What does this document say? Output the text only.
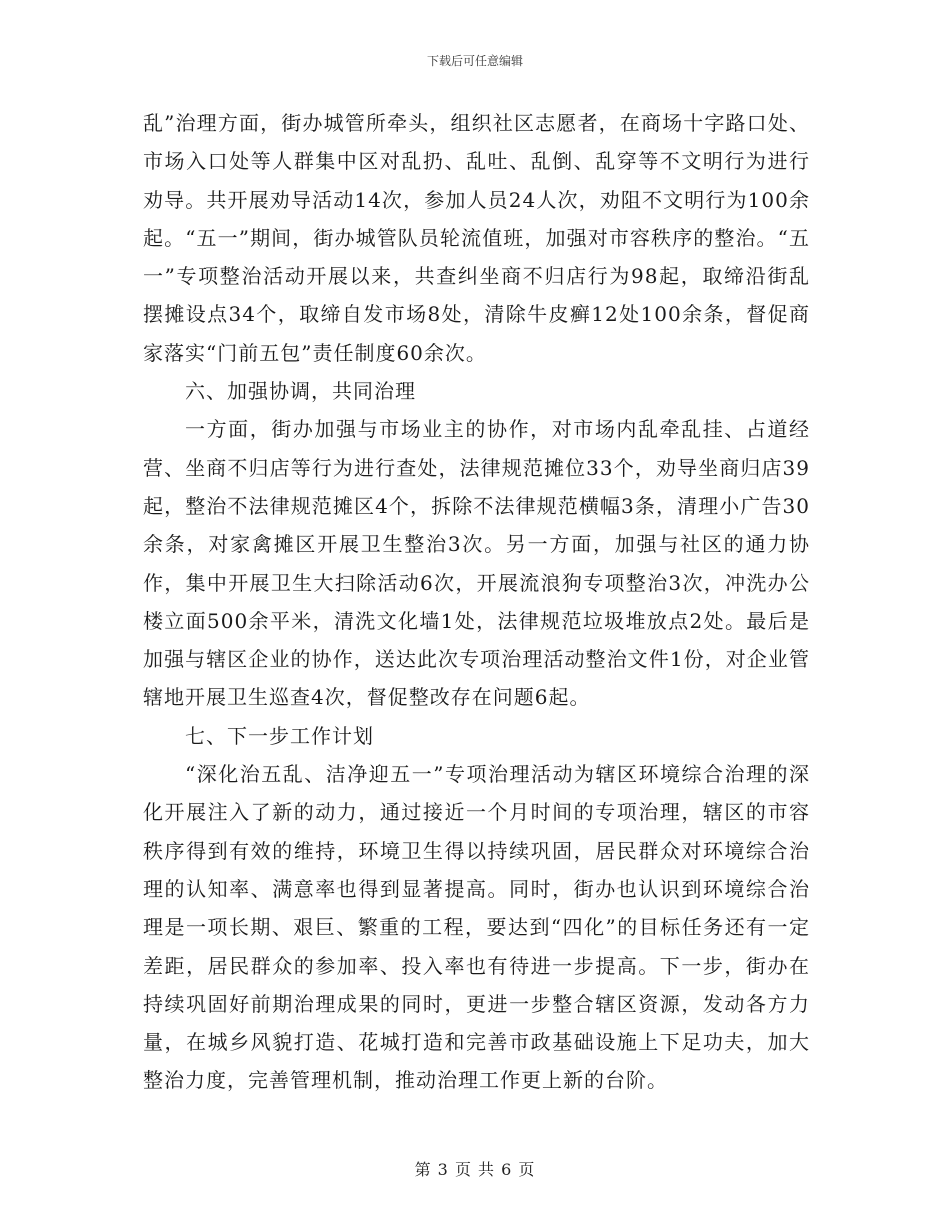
下载后可任意编辑

乱”治理方面，街办城管所牵头，组织社区志愿者，在商场十字路口处、市场入口处等人群集中区对乱扔、乱吐、乱倒、乱穿等不文明行为进行劝导。共开展劝导活动14次，参加人员24人次，劝阻不文明行为100余起。“五一”期间，街办城管队员轮流值班，加强对市容秩序的整治。“五一”专项整治活动开展以来，共查纠坐商不归店行为98起，取缔沿街乱摆摊设点34个，取缔自发市场8处，清除牛皮癣12处100余条，督促商家落实“门前五包”责任制度60余次。

六、加强协调，共同治理

一方面，街办加强与市场业主的协作，对市场内乱牵乱挂、占道经营、坐商不归店等行为进行查处，法律规范摊位33个，劝导坐商归店39起，整治不法律规范摊区4个，拆除不法律规范横幅3条，清理小广告30余条，对家禽摊区开展卫生整治3次。另一方面，加强与社区的通力协作，集中开展卫生大扫除活动6次，开展流浪狗专项整治3次，冲洗办公楼立面500余平米，清洗文化墙1处，法律规范垃圾堆放点2处。最后是加强与辖区企业的协作，送达此次专项治理活动整治文件1份，对企业管辖地开展卫生巡查4次，督促整改存在问题6起。

七、下一步工作计划

“深化治五乱、洁净迎五一”专项治理活动为辖区环境综合治理的深化开展注入了新的动力，通过接近一个月时间的专项治理，辖区的市容秩序得到有效的维持，环境卫生得以持续巩固，居民群众对环境综合治理的认知率、满意率也得到显著提高。同时，街办也认识到环境综合治理是一项长期、艰巨、繁重的工程，要达到“四化”的目标任务还有一定差距，居民群众的参加率、投入率也有待进一步提高。下一步，街办在持续巩固好前期治理成果的同时，更进一步整合辖区资源，发动各方力量，在城乡风貌打造、花城打造和完善市政基础设施上下足功夫，加大整治力度，完善管理机制，推动治理工作更上新的台阶。

第 3 页 共 6 页
